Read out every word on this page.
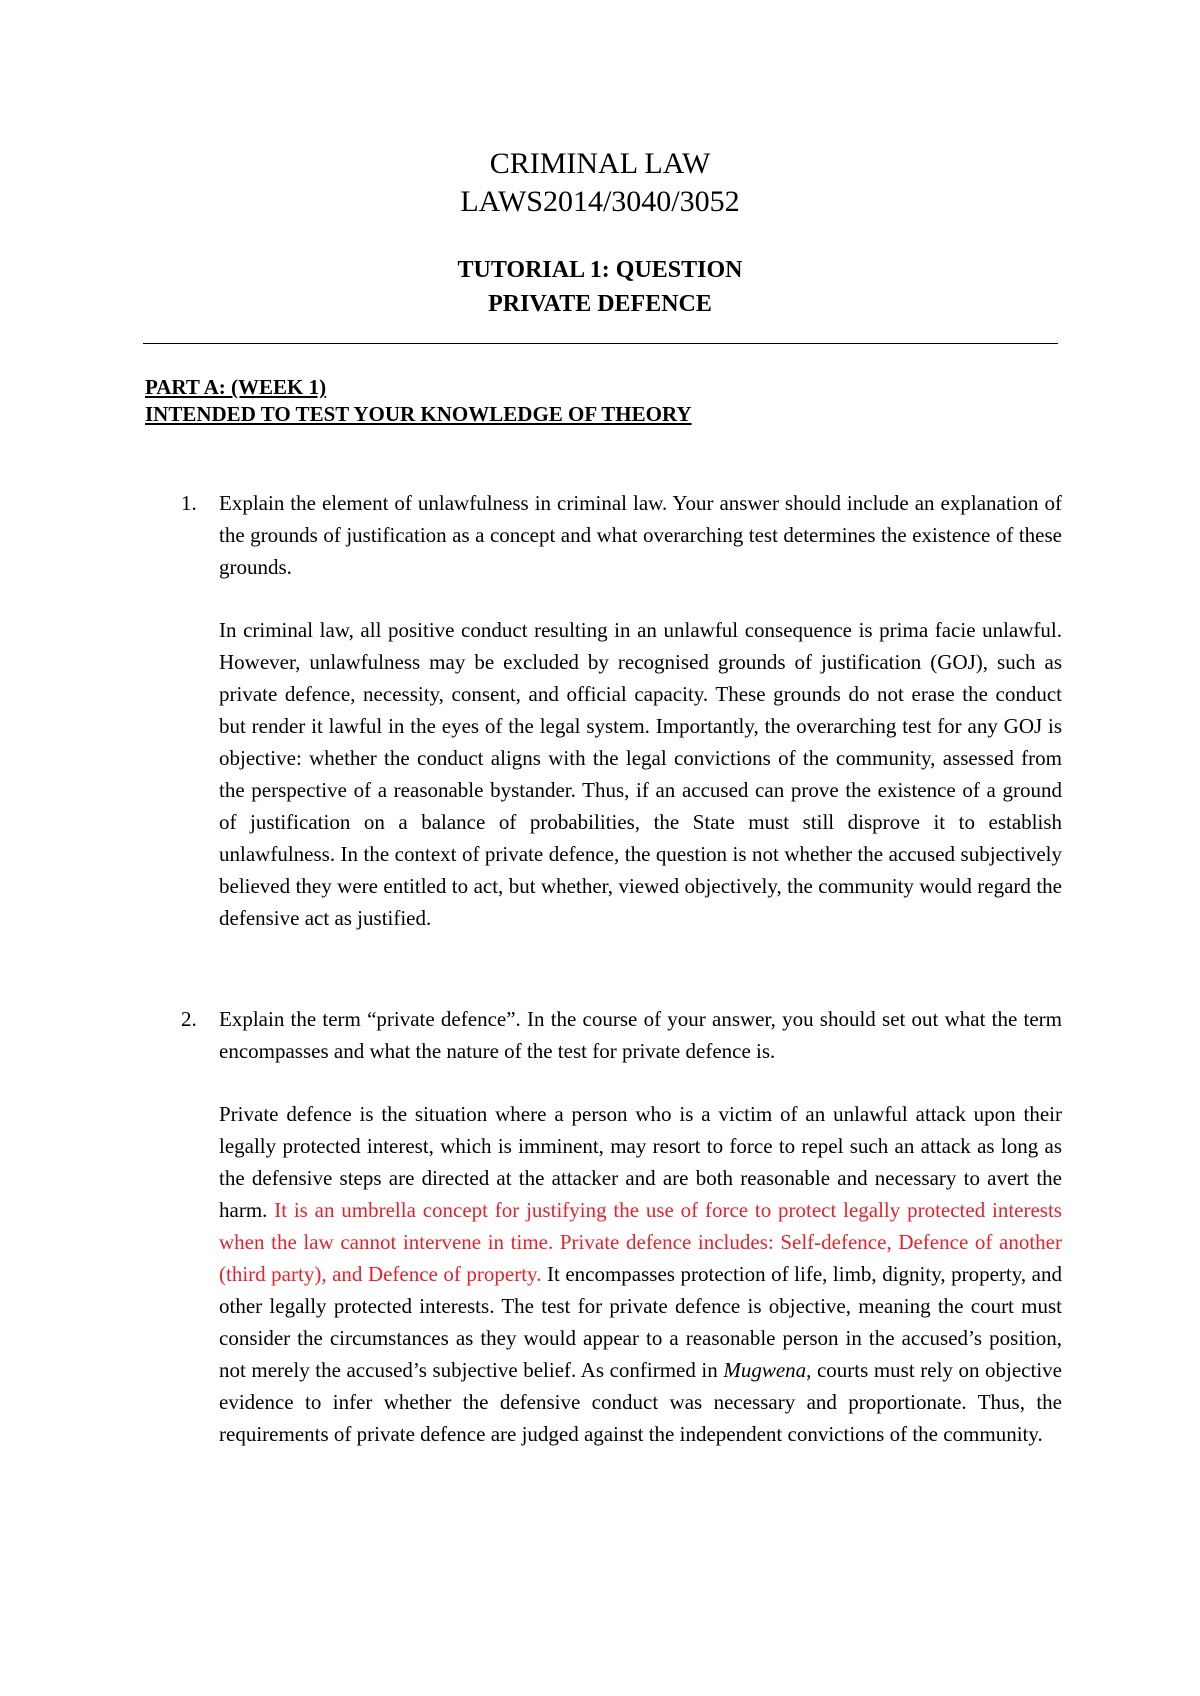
CRIMINAL LAW
LAWS2014/3040/3052
TUTORIAL 1: QUESTION
PRIVATE DEFENCE
PART A: (WEEK 1)
INTENDED TO TEST YOUR KNOWLEDGE OF THEORY
1. Explain the element of unlawfulness in criminal law. Your answer should include an explanation of the grounds of justification as a concept and what overarching test determines the existence of these grounds.

In criminal law, all positive conduct resulting in an unlawful consequence is prima facie unlawful. However, unlawfulness may be excluded by recognised grounds of justification (GOJ), such as private defence, necessity, consent, and official capacity. These grounds do not erase the conduct but render it lawful in the eyes of the legal system. Importantly, the overarching test for any GOJ is objective: whether the conduct aligns with the legal convictions of the community, assessed from the perspective of a reasonable bystander. Thus, if an accused can prove the existence of a ground of justification on a balance of probabilities, the State must still disprove it to establish unlawfulness. In the context of private defence, the question is not whether the accused subjectively believed they were entitled to act, but whether, viewed objectively, the community would regard the defensive act as justified.

2. Explain the term “private defence”. In the course of your answer, you should set out what the term encompasses and what the nature of the test for private defence is.

Private defence is the situation where a person who is a victim of an unlawful attack upon their legally protected interest, which is imminent, may resort to force to repel such an attack as long as the defensive steps are directed at the attacker and are both reasonable and necessary to avert the harm. It is an umbrella concept for justifying the use of force to protect legally protected interests when the law cannot intervene in time. Private defence includes: Self-defence, Defence of another (third party), and Defence of property. It encompasses protection of life, limb, dignity, property, and other legally protected interests. The test for private defence is objective, meaning the court must consider the circumstances as they would appear to a reasonable person in the accused’s position, not merely the accused’s subjective belief. As confirmed in Mugwena, courts must rely on objective evidence to infer whether the defensive conduct was necessary and proportionate. Thus, the requirements of private defence are judged against the independent convictions of the community.
